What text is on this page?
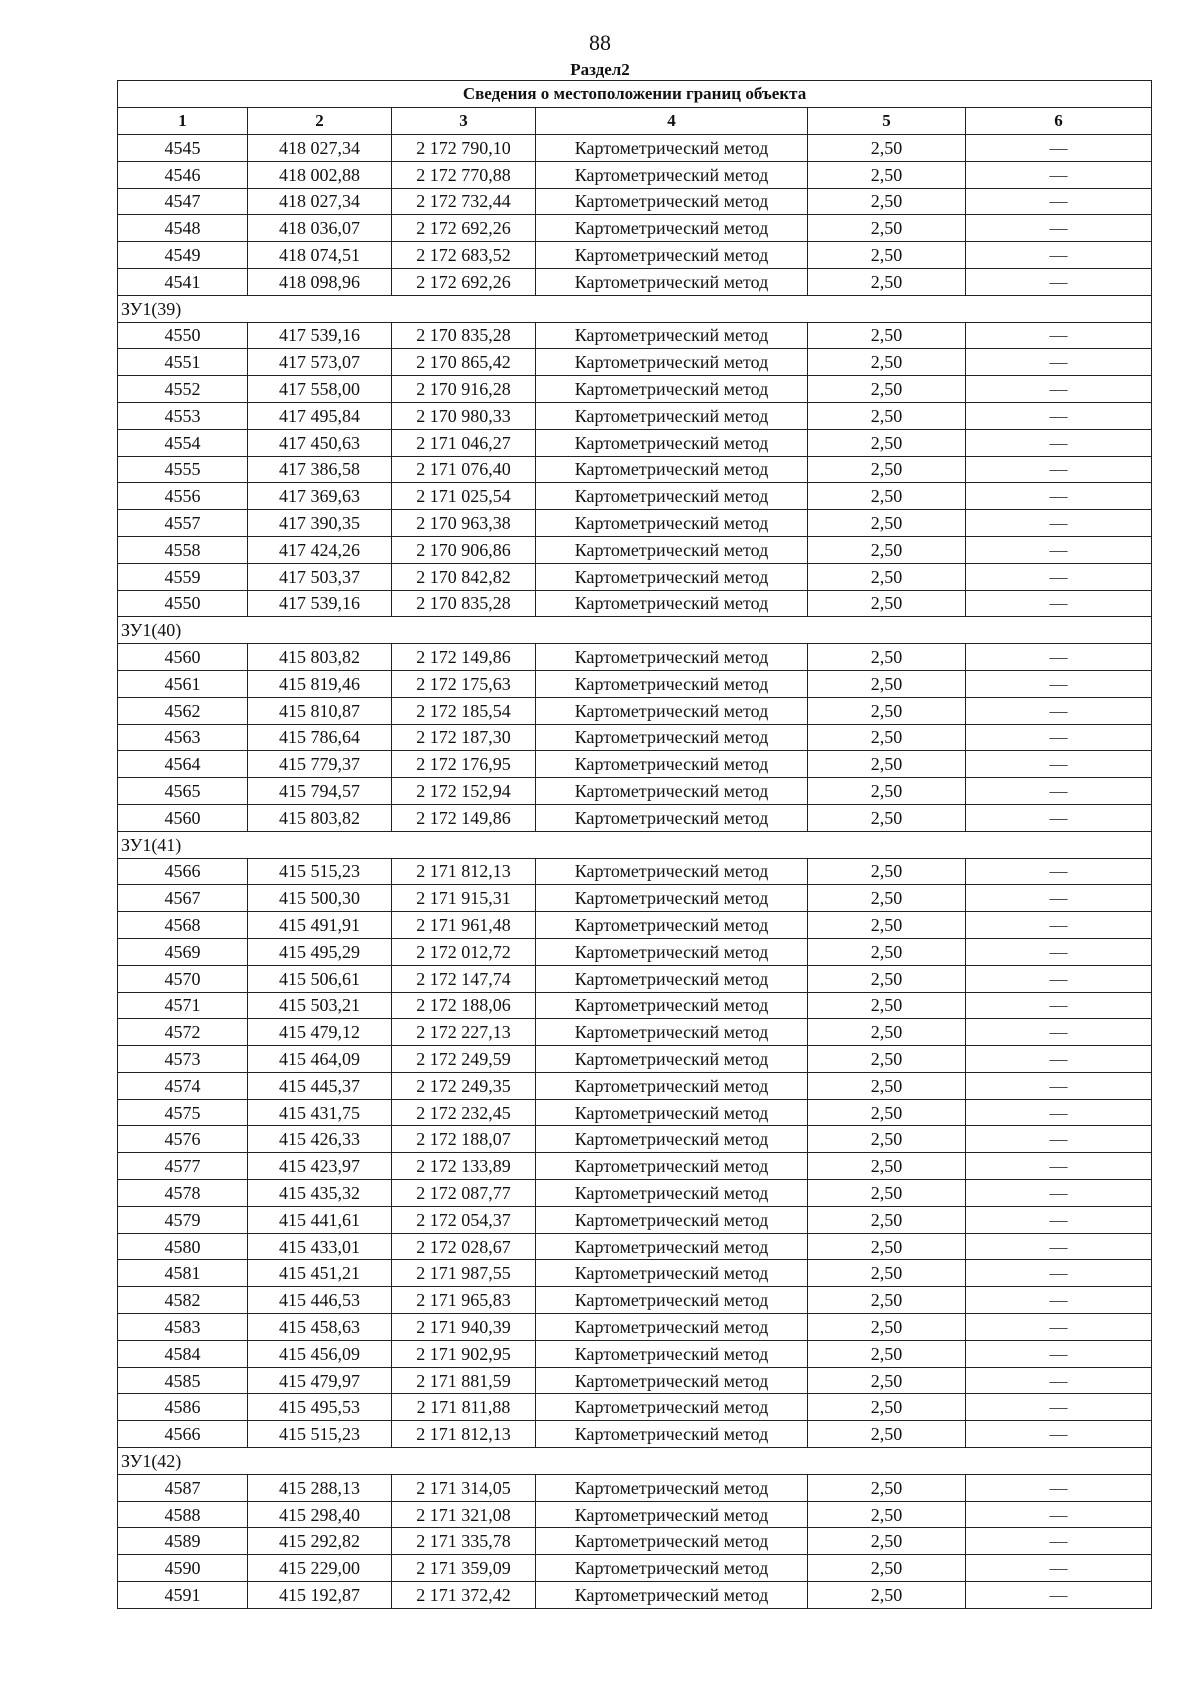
88
Раздел2
Сведения о местоположении границ объекта					
1	2	3	4	5	6
4545	418 027,34	2 172 790,10	Картометрический метод	2,50	—
4546	418 002,88	2 172 770,88	Картометрический метод	2,50	—
4547	418 027,34	2 172 732,44	Картометрический метод	2,50	—
4548	418 036,07	2 172 692,26	Картометрический метод	2,50	—
4549	418 074,51	2 172 683,52	Картометрический метод	2,50	—
4541	418 098,96	2 172 692,26	Картометрический метод	2,50	—
ЗУ1(39)					
4550	417 539,16	2 170 835,28	Картометрический метод	2,50	—
4551	417 573,07	2 170 865,42	Картометрический метод	2,50	—
4552	417 558,00	2 170 916,28	Картометрический метод	2,50	—
4553	417 495,84	2 170 980,33	Картометрический метод	2,50	—
4554	417 450,63	2 171 046,27	Картометрический метод	2,50	—
4555	417 386,58	2 171 076,40	Картометрический метод	2,50	—
4556	417 369,63	2 171 025,54	Картометрический метод	2,50	—
4557	417 390,35	2 170 963,38	Картометрический метод	2,50	—
4558	417 424,26	2 170 906,86	Картометрический метод	2,50	—
4559	417 503,37	2 170 842,82	Картометрический метод	2,50	—
4550	417 539,16	2 170 835,28	Картометрический метод	2,50	—
ЗУ1(40)					
4560	415 803,82	2 172 149,86	Картометрический метод	2,50	—
4561	415 819,46	2 172 175,63	Картометрический метод	2,50	—
4562	415 810,87	2 172 185,54	Картометрический метод	2,50	—
4563	415 786,64	2 172 187,30	Картометрический метод	2,50	—
4564	415 779,37	2 172 176,95	Картометрический метод	2,50	—
4565	415 794,57	2 172 152,94	Картометрический метод	2,50	—
4560	415 803,82	2 172 149,86	Картометрический метод	2,50	—
ЗУ1(41)					
4566	415 515,23	2 171 812,13	Картометрический метод	2,50	—
4567	415 500,30	2 171 915,31	Картометрический метод	2,50	—
4568	415 491,91	2 171 961,48	Картометрический метод	2,50	—
4569	415 495,29	2 172 012,72	Картометрический метод	2,50	—
4570	415 506,61	2 172 147,74	Картометрический метод	2,50	—
4571	415 503,21	2 172 188,06	Картометрический метод	2,50	—
4572	415 479,12	2 172 227,13	Картометрический метод	2,50	—
4573	415 464,09	2 172 249,59	Картометрический метод	2,50	—
4574	415 445,37	2 172 249,35	Картометрический метод	2,50	—
4575	415 431,75	2 172 232,45	Картометрический метод	2,50	—
4576	415 426,33	2 172 188,07	Картометрический метод	2,50	—
4577	415 423,97	2 172 133,89	Картометрический метод	2,50	—
4578	415 435,32	2 172 087,77	Картометрический метод	2,50	—
4579	415 441,61	2 172 054,37	Картометрический метод	2,50	—
4580	415 433,01	2 172 028,67	Картометрический метод	2,50	—
4581	415 451,21	2 171 987,55	Картометрический метод	2,50	—
4582	415 446,53	2 171 965,83	Картометрический метод	2,50	—
4583	415 458,63	2 171 940,39	Картометрический метод	2,50	—
4584	415 456,09	2 171 902,95	Картометрический метод	2,50	—
4585	415 479,97	2 171 881,59	Картометрический метод	2,50	—
4586	415 495,53	2 171 811,88	Картометрический метод	2,50	—
4566	415 515,23	2 171 812,13	Картометрический метод	2,50	—
ЗУ1(42)					
4587	415 288,13	2 171 314,05	Картометрический метод	2,50	—
4588	415 298,40	2 171 321,08	Картометрический метод	2,50	—
4589	415 292,82	2 171 335,78	Картометрический метод	2,50	—
4590	415 229,00	2 171 359,09	Картометрический метод	2,50	—
4591	415 192,87	2 171 372,42	Картометрический метод	2,50	—
